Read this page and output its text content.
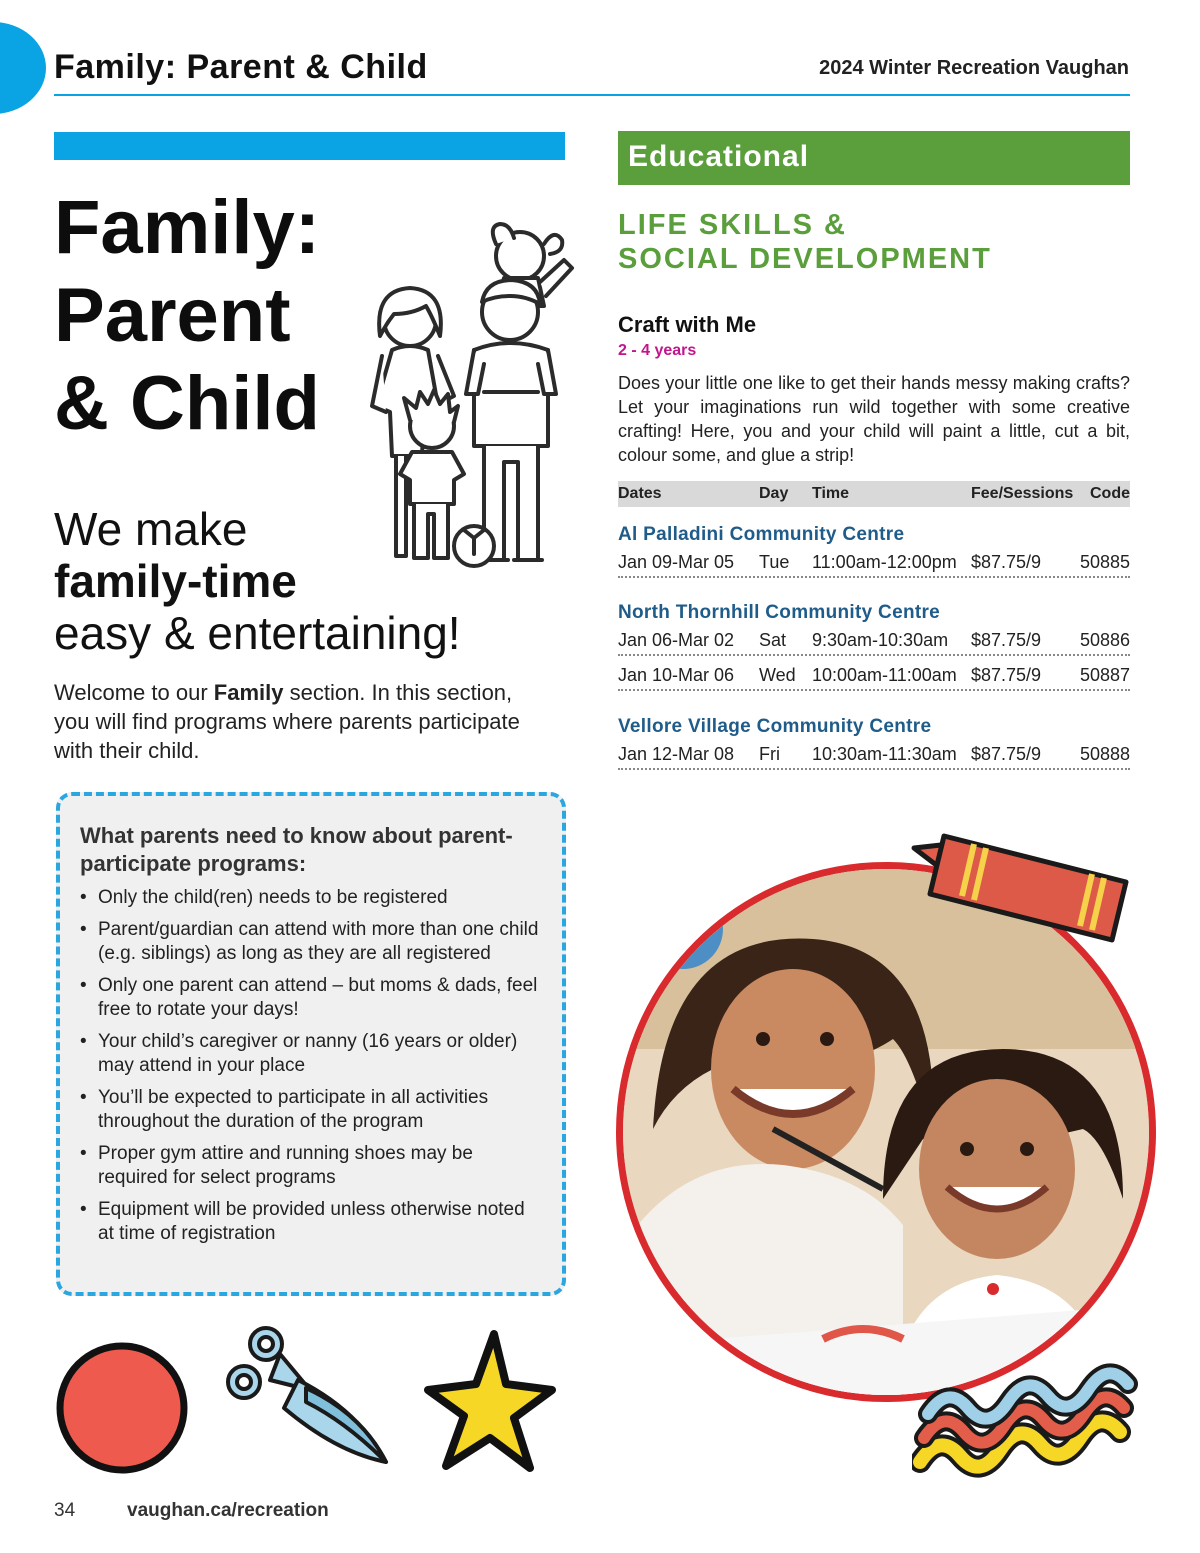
Family: Parent & Child	2024 Winter Recreation Vaughan
Family:
Parent
& Child
We make
family-time
easy & entertaining!
Welcome to our Family section. In this section, you will find programs where parents participate with their child.
What parents need to know about parent-participate programs:
• Only the child(ren) needs to be registered
• Parent/guardian can attend with more than one child (e.g. siblings) as long as they are all registered
• Only one parent can attend – but moms & dads, feel free to rotate your days!
• Your child’s caregiver or nanny (16 years or older) may attend in your place
• You’ll be expected to participate in all activities throughout the duration of the program
• Proper gym attire and running shoes may be required for select programs
• Equipment will be provided unless otherwise noted at time of registration
Educational
LIFE SKILLS &
SOCIAL DEVELOPMENT
Craft with Me
2 - 4 years
Does your little one like to get their hands messy making crafts? Let your imaginations run wild together with some creative crafting! Here, you and your child will paint a little, cut a bit, colour some, and glue a strip!
Dates	Day Time	Fee/Sessions Code
Al Palladini Community Centre
Jan 09-Mar 05 Tue 11:00am-12:00pm $87.75/9 50885
North Thornhill Community Centre
Jan 06-Mar 02 Sat 9:30am-10:30am $87.75/9 50886
Jan 10-Mar 06 Wed 10:00am-11:00am $87.75/9 50887
Vellore Village Community Centre
Jan 12-Mar 08 Fri 10:30am-11:30am $87.75/9 50888
34	vaughan.ca/recreation
